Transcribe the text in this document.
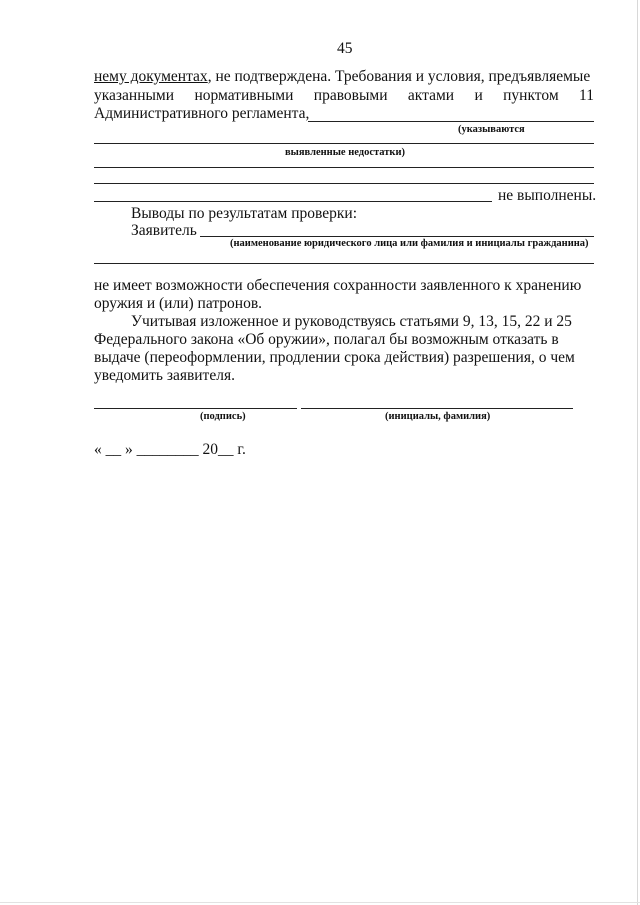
45
нему документах, не подтверждена. Требования и условия, предъявляемые
указанными нормативными правовыми актами и пунктом 11
Административного регламента,
(указываются
выявленные недостатки)
не выполнены.
Выводы по результатам проверки:
Заявитель
(наименование юридического лица или фамилия и инициалы гражданина)
не имеет возможности обеспечения сохранности заявленного к хранению
оружия и (или) патронов.
Учитывая изложенное и руководствуясь статьями 9, 13, 15, 22 и 25
Федерального закона «Об оружии», полагал бы возможным отказать в
выдаче (переоформлении, продлении срока действия) разрешения, о чем
уведомить заявителя.
(подпись)	(инициалы, фамилия)
« __ » ________ 20__ г.
